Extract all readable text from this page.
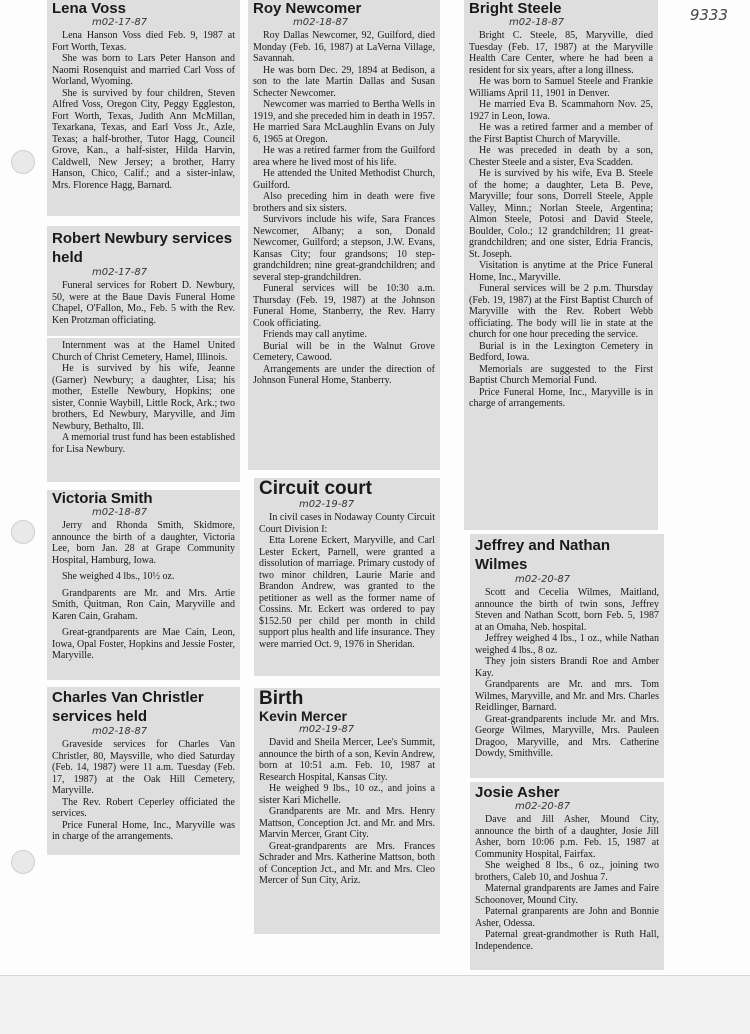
9333
Lena Voss
m02-17-87

Lena Hanson Voss died Feb. 9, 1987 at Fort Worth, Texas.

She was born to Lars Peter Hanson and Naomi Rosenquist and married Carl Voss of Worland, Wyoming.

She is survived by four children, Steven Alfred Voss, Oregon City, Peggy Eggleston, Fort Worth, Texas, Judith Ann McMillan, Texarkana, Texas, and Earl Voss Jr., Azle, Texas; a half-brother, Tutor Hagg, Council Grove, Kan., a half-sister, Hilda Harvin, Caldwell, New Jersey; a brother, Harry Hanson, Chico, Calif.; and a sister-inlaw, Mrs. Florence Hagg, Barnard.

Robert Newbury services held
m02-17-87

Funeral services for Robert D. Newbury, 50, were at the Baue Davis Funeral Home Chapel, O'Fallon, Mo., Feb. 5 with the Rev. Ken Protzman officiating.

Internment was at the Hamel United Church of Christ Cemetery, Hamel, Illinois.

He is survived by his wife, Jeanne (Garner) Newbury; a daughter, Lisa; his mother, Estelle Newbury, Hopkins; one sister, Connie Waybill, Little Rock, Ark.; two brothers, Ed Newbury, Maryville, and Jim Newbury, Bethalto, Ill.

A memorial trust fund has been established for Lisa Newbury.

Victoria Smith
m02-18-87

Jerry and Rhonda Smith, Skidmore, announce the birth of a daughter, Victoria Lee, born Jan. 28 at Grape Community Hospital, Hamburg, Iowa.

She weighed 4 lbs., 10½ oz.

Grandparents are Mr. and Mrs. Artie Smith, Quitman, Ron Cain, Maryville and Karen Cain, Graham.

Great-grandparents are Mae Cain, Leon, Iowa, Opal Foster, Hopkins and Jessie Foster, Maryville.

Charles Van Christler services held
m02-18-87

Graveside services for Charles Van Christler, 80, Maysville, who died Saturday (Feb. 14, 1987) were 11 a.m. Tuesday (Feb. 17, 1987) at the Oak Hill Cemetery, Maryville.

The Rev. Robert Ceperley officiated the services.

Price Funeral Home, Inc., Maryville was in charge of the arrangements.

Roy Newcomer
m02-18-87

Roy Dallas Newcomer, 92, Guilford, died Monday (Feb. 16, 1987) at LaVerna Village, Savannah.

He was born Dec. 29, 1894 at Bedison, a son to the late Martin Dallas and Susan Schecter Newcomer.

Newcomer was married to Bertha Wells in 1919, and she preceded him in death in 1957. He married Sara McLaughlin Evans on July 6, 1965 at Oregon.

He was a retired farmer from the Guilford area where he lived most of his life.

He attended the United Methodist Church, Guilford.

Also preceding him in death were five brothers and six sisters.

Survivors include his wife, Sara Frances Newcomer, Albany; a son, Donald Newcomer, Guilford; a stepson, J.W. Evans, Kansas City; four grandsons; 10 step-grandchildren; nine great-grandchildren; and several step-grandchildren.

Funeral services will be 10:30 a.m. Thursday (Feb. 19, 1987) at the Johnson Funeral Home, Stanberry, the Rev. Harry Cook officiating.

Friends may call anytime.

Burial will be in the Walnut Grove Cemetery, Cawood.

Arrangements are under the direction of Johnson Funeral Home, Stanberry.

Circuit court
m02-19-87

In civil cases in Nodaway County Circuit Court Division I:

Etta Lorene Eckert, Maryville, and Carl Lester Eckert, Parnell, were granted a dissolution of marriage. Primary custody of two minor children, Laurie Marie and Brandon Andrew, was granted to the petitioner as well as the former name of Cossins. Mr. Eckert was ordered to pay $152.50 per child per month in child support plus health and life insurance. They were married Oct. 9, 1976 in Sheridan.

Birth
Kevin Mercer
m02-19-87

David and Sheila Mercer, Lee's Summit, announce the birth of a son, Kevin Andrew, born at 10:51 a.m. Feb. 10, 1987 at Research Hospital, Kansas City.

He weighed 9 lbs., 10 oz., and joins a sister Kari Michelle.

Grandparents are Mr. and Mrs. Henry Mattson, Conception Jct. and Mr. and Mrs. Marvin Mercer, Grant City.

Great-grandparents are Mrs. Frances Schrader and Mrs. Katherine Mattson, both of Conception Jct., and Mr. and Mrs. Cleo Mercer of Sun City, Ariz.

Bright Steele
m02-18-87

Bright C. Steele, 85, Maryville, died Tuesday (Feb. 17, 1987) at the Maryville Health Care Center, where he had been a resident for six years, after a long illness.

He was born to Samuel Steele and Frankie Williams April 11, 1901 in Denver.

He married Eva B. Scammahorn Nov. 25, 1927 in Leon, Iowa.

He was a retired farmer and a member of the First Baptist Church of Maryville.

He was preceded in death by a son, Chester Steele and a sister, Eva Scadden.

He is survived by his wife, Eva B. Steele of the home; a daughter, Leta B. Peve, Maryville; four sons, Dorrell Steele, Apple Valley, Minn.; Norlan Steele, Argentina; Almon Steele, Potosi and David Steele, Boulder, Colo.; 12 grandchildren; 11 great-grandchildren; and one sister, Edria Francis, St. Joseph.

Visitation is anytime at the Price Funeral Home, Inc., Maryville.

Funeral services will be 2 p.m. Thursday (Feb. 19, 1987) at the First Baptist Church of Maryville with the Rev. Robert Webb officiating. The body will lie in state at the church for one hour preceding the service.

Burial is in the Lexington Cemetery in Bedford, Iowa.

Memorials are suggested to the First Baptist Church Memorial Fund.

Price Funeral Home, Inc., Maryville is in charge of arrangements.

Jeffrey and Nathan Wilmes
m02-20-87

Scott and Cecelia Wilmes, Maitland, announce the birth of twin sons, Jeffrey Steven and Nathan Scott, born Feb. 5, 1987 at an Omaha, Neb. hospital.

Jeffrey weighed 4 lbs., 1 oz., while Nathan weighed 4 lbs., 8 oz.

They join sisters Brandi Roe and Amber Kay.

Grandparents are Mr. and mrs. Tom Wilmes, Maryville, and Mr. and Mrs. Charles Reidlinger, Barnard.

Great-grandparents include Mr. and Mrs. George Wilmes, Maryville, Mrs. Pauleen Dragoo, Maryville, and Mrs. Catherine Dowdy, Smithville.

Josie Asher
m02-20-87

Dave and Jill Asher, Mound City, announce the birth of a daughter, Josie Jill Asher, born 10:06 p.m. Feb. 15, 1987 at Community Hospital, Fairfax.

She weighed 8 lbs., 6 oz., joining two brothers, Caleb 10, and Joshua 7.

Maternal grandparents are James and Faire Schoonover, Mound City.

Paternal granparents are John and Bonnie Asher, Odessa.

Paternal great-grandmother is Ruth Hall, Independence.
